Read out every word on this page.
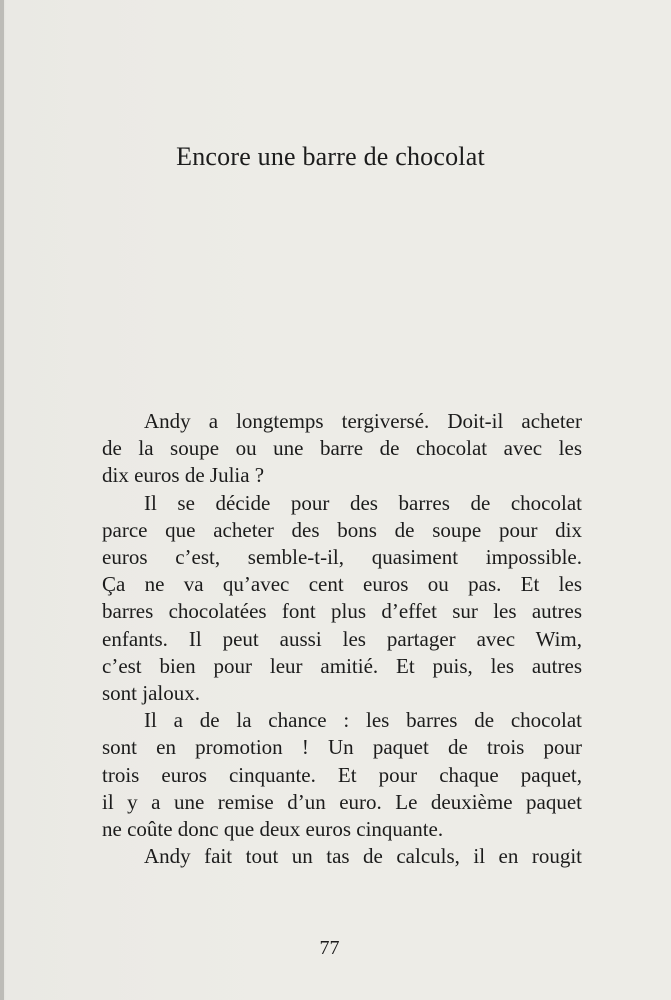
Encore une barre de chocolat
Andy a longtemps tergiversé. Doit-il acheter
de la soupe ou une barre de chocolat avec les
dix euros de Julia ?
Il se décide pour des barres de chocolat
parce que acheter des bons de soupe pour dix
euros c’est, semble-t-il, quasiment impossible.
Ça ne va qu’avec cent euros ou pas. Et les
barres chocolatées font plus d’effet sur les autres
enfants. Il peut aussi les partager avec Wim,
c’est bien pour leur amitié. Et puis, les autres
sont jaloux.
Il a de la chance : les barres de chocolat
sont en promotion ! Un paquet de trois pour
trois euros cinquante. Et pour chaque paquet,
il y a une remise d’un euro. Le deuxième paquet
ne coûte donc que deux euros cinquante.
Andy fait tout un tas de calculs, il en rougit
77
